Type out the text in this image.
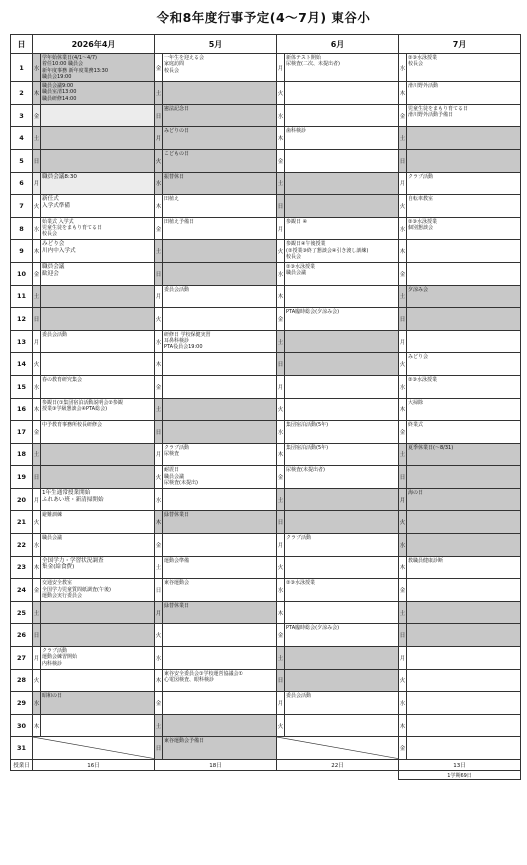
令和8年度行事予定(4〜7月) 東谷小
日	2026年4月		5月		6月		7月	
1	水	学年始休業日(4/1〜4/7)
着任10:00 職員会
新年度事務 新年度業務13:30
職員会19:00	金	一年生を迎える会
家庭訪問
校長会	月	新体テスト開始
尿検査(二次、未提出者)	水	②③水泳授業
校長会
2	木	職員会議9:00
職員室清13:00
職員研修14:00	土		火		木	滑川野外活動
3	金		日	憲法記念日	水		金	児童生徒をまもり育てる日
滑川野外活動予備日
4	土		月	みどりの日	木	歯科検診	土	
5	日		火	こどもの日	金		日	
6	月	職員会議8:30	水	振替休日	土		月	クラブ活動
7	火	新任式
入学式準備	木	田植え	日		火	自転車教室
8	水	始業式 入学式
児童生徒をまもり育てる日
校長会	金	田植え予備日	月	参観日 ④	水	②③水泳授業
個別懇談会
9	木	みどり会
川内中入学式	土		火	参観日④午後授業
(②授業③終了懇談会④引き渡し訓練)
校長会	木	
10	金	職員会議
歓迎会	日		水	②③水泳授業
職員会議	金	
11	土		月	委員会活動	木		土	夕涼み会
12	日		火		金	PTA臨時総会(夕涼み会)	日	
13	月	委員会活動	水	研修日 学校保健実習
耳鼻科検診
PTA役員会19:00	土		月	
14	火		木		日		火	みどり会
15	水	春の教育研究集会	金		月		水	②③水泳授業
16	木	参観日(①集団宿泊活動説明会②参観
授業③学級懇談会④PTA総会)	土		火		木	大掃除
17	金	中予教育事務所校長研修会	日		水	集団宿泊活動(5年)	金	終業式
18	土		月	クラブ活動
尿検査	木	集団宿泊活動(5年)	土	夏季休業日(〜8/31)
19	日		火	耐震日
職員会議
尿検査(未提出)	金	尿検査(未提出者)	日	
20	月	1年生通常授業開始
ふれあい班・新清掃開始	水		土		月	海の日
21	火	避難訓練	木	緑替休業日	日		火	
22	水	職員会議	金		月	クラブ活動	水	
23	木	全国学力・学習状況調査
集金(給食費)	土	運動会準備	火		木	教職員健康診断
24	金	交通安全教室
全国学力児童質問紙調査(午後)
運動会実行委員会	日	東谷運動会	水	②③水泳授業	金	
25	土		月	緑替休業日	木		土	
26	日		火		金	PTA臨時総会(夕涼み会)	日	
27	月	クラブ活動
運動会練習開始
内科検診	水		土		月	
28	火		木	東谷安全委員会①学校運営協議会①
心電図検査、眼科検診	日		火	
29	水	昭和の日	金		月	委員会活動	水	
30	木		土		火		木	
31			日	東谷運動会予備日			金	
授業日	16日		18日		22日		13日	
							1学期69日	
